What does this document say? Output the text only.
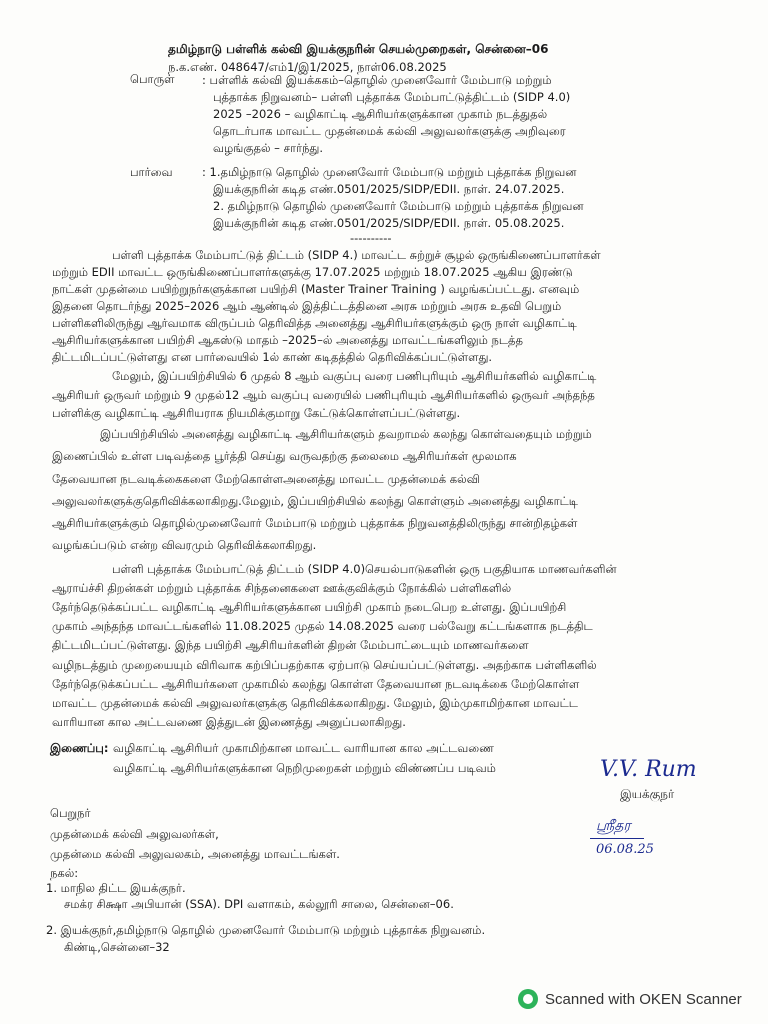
தமிழ்நாடு பள்ளிக் கல்வி இயக்குநரின் செயல்முறைகள், சென்னை–06
ந.க.எண். 048647/எம்1/இ1/2025, நாள்06.08.2025
பொருள் : பள்ளிக் கல்வி இயக்ககம்–தொழில் முனைவோர் மேம்பாடு மற்றும்
புத்தாக்க நிறுவனம்– பள்ளி புத்தாக்க மேம்பாட்டுத்திட்டம் (SIDP 4.0)
2025 –2026 – வழிகாட்டி ஆசிரியர்களுக்கான முகாம் நடத்துதல்
தொடர்பாக மாவட்ட முதன்மைக் கல்வி அலுவலர்களுக்கு அறிவுரை
வழங்குதல் – சார்ந்து.
பார்வை	: 1.தமிழ்நாடு தொழில் முனைவோர் மேம்பாடு மற்றும் புத்தாக்க நிறுவன
இயக்குநரின் கடித எண்.0501/2025/SIDP/EDII. நாள். 24.07.2025.
2. தமிழ்நாடு தொழில் முனைவோர் மேம்பாடு மற்றும் புத்தாக்க நிறுவன
இயக்குநரின் கடித எண்.0501/2025/SIDP/EDII. நாள். 05.08.2025.
----------
பள்ளி புத்தாக்க மேம்பாட்டுத் திட்டம் (SIDP 4.) மாவட்ட சுற்றுச் சூழல் ஒருங்கிணைப்பாளர்கள்
மற்றும் EDII மாவட்ட ஒருங்கிணைப்பாளர்களுக்கு 17.07.2025 மற்றும் 18.07.2025 ஆகிய இரண்டு
நாட்கள் முதன்மை பயிற்றுநர்களுக்கான பயிற்சி (Master Trainer Training ) வழங்கப்பட்டது. எனவும்
இதனை தொடர்ந்து 2025–2026 ஆம் ஆண்டில் இத்திட்டத்தினை அரசு மற்றும் அரசு உதவி பெறும்
பள்ளிகளிலிருந்து ஆர்வமாக விருப்பம் தெரிவித்த அனைத்து ஆசிரியர்களுக்கும் ஒரு நாள் வழிகாட்டி
ஆசிரியர்களுக்கான பயிற்சி ஆகஸ்டு மாதம் –2025–ல் அனைத்து மாவட்டங்களிலும் நடத்த
திட்டமிடப்பட்டுள்ளது என பார்வையில் 1ல் காண் கடிதத்தில் தெரிவிக்கப்பட்டுள்ளது.
மேலும், இப்பயிற்சியில் 6 முதல் 8 ஆம் வகுப்பு வரை பணிபுரியும் ஆசிரியர்களில் வழிகாட்டி
ஆசிரியர் ஒருவர் மற்றும் 9 முதல்12 ஆம் வகுப்பு வரையில் பணிபுரியும் ஆசிரியர்களில் ஒருவர் அந்தந்த
பள்ளிக்கு வழிகாட்டி ஆசிரியராக நியமிக்குமாறு கேட்டுக்கொள்ளப்பட்டுள்ளது.
இப்பயிற்சியில் அனைத்து வழிகாட்டி ஆசிரியர்களும் தவறாமல் கலந்து கொள்வதையும் மற்றும்
இணைப்பில் உள்ள படிவத்தை பூர்த்தி செய்து வருவதற்கு தலைமை ஆசிரியர்கள் மூலமாக
தேவையான நடவடிக்கைகளை மேற்கொள்ளஅனைத்து மாவட்ட முதன்மைக் கல்வி
அலுவலர்களுக்குதெரிவிக்கலாகிறது.மேலும், இப்பயிற்சியில் கலந்து கொள்ளும் அனைத்து வழிகாட்டி
ஆசிரியர்களுக்கும் தொழில்முனைவோர் மேம்பாடு மற்றும் புத்தாக்க நிறுவனத்திலிருந்து சான்றிதழ்கள்
வழங்கப்படும் என்ற விவரமும் தெரிவிக்கலாகிறது.
பள்ளி புத்தாக்க மேம்பாட்டுத் திட்டம் (SIDP 4.0)செயல்பாடுகளின் ஒரு பகுதியாக மாணவர்களின்
ஆராய்ச்சி திறன்கள் மற்றும் புத்தாக்க சிந்தனைகளை ஊக்குவிக்கும் நோக்கில் பள்ளிகளில்
தேர்ந்தெடுக்கப்பட்ட வழிகாட்டி ஆசிரியர்களுக்கான பயிற்சி முகாம் நடைபெற உள்ளது. இப்பயிற்சி
முகாம் அந்தந்த மாவட்டங்களில் 11.08.2025 முதல் 14.08.2025 வரை பல்வேறு கட்டங்களாக நடத்திட
திட்டமிடப்பட்டுள்ளது. இந்த பயிற்சி ஆசிரியர்களின் திறன் மேம்பாட்டையும் மாணவர்களை
வழிநடத்தும் முறையையும் விரிவாக கற்பிப்பதற்காக ஏற்பாடு செய்யப்பட்டுள்ளது. அதற்காக பள்ளிகளில்
தேர்ந்தெடுக்கப்பட்ட ஆசிரியர்களை முகாமில் கலந்து கொள்ள தேவையான நடவடிக்கை மேற்கொள்ள
மாவட்ட முதன்மைக் கல்வி அலுவலர்களுக்கு தெரிவிக்கலாகிறது. மேலும், இம்முகாமிற்கான மாவட்ட
வாரியான கால அட்டவணை இத்துடன் இணைத்து அனுப்பலாகிறது.
இணைப்பு: வழிகாட்டி ஆசிரியர் முகாமிற்கான மாவட்ட வாரியான கால அட்டவணை
வழிகாட்டி ஆசிரியர்களுக்கான நெறிமுறைகள் மற்றும் விண்ணப்ப படிவம்	V.V. Rum
இயக்குநர்
ஸ்ரீதர
06.08.25
பெறுநர்
முதன்மைக் கல்வி அலுவலர்கள்,
முதன்மை கல்வி அலுவலகம், அனைத்து மாவட்டங்கள்.
நகல்:
1. மாநில திட்ட இயக்குநர்.
சமக்ர சிக்ஷா அபியான் (SSA). DPI வளாகம், கல்லூரி சாலை, சென்னை–06.
2. இயக்குநர்,தமிழ்நாடு தொழில் முனைவோர் மேம்பாடு மற்றும் புத்தாக்க நிறுவனம்.
கிண்டி,சென்னை–32
Scanned with OKEN Scanner
